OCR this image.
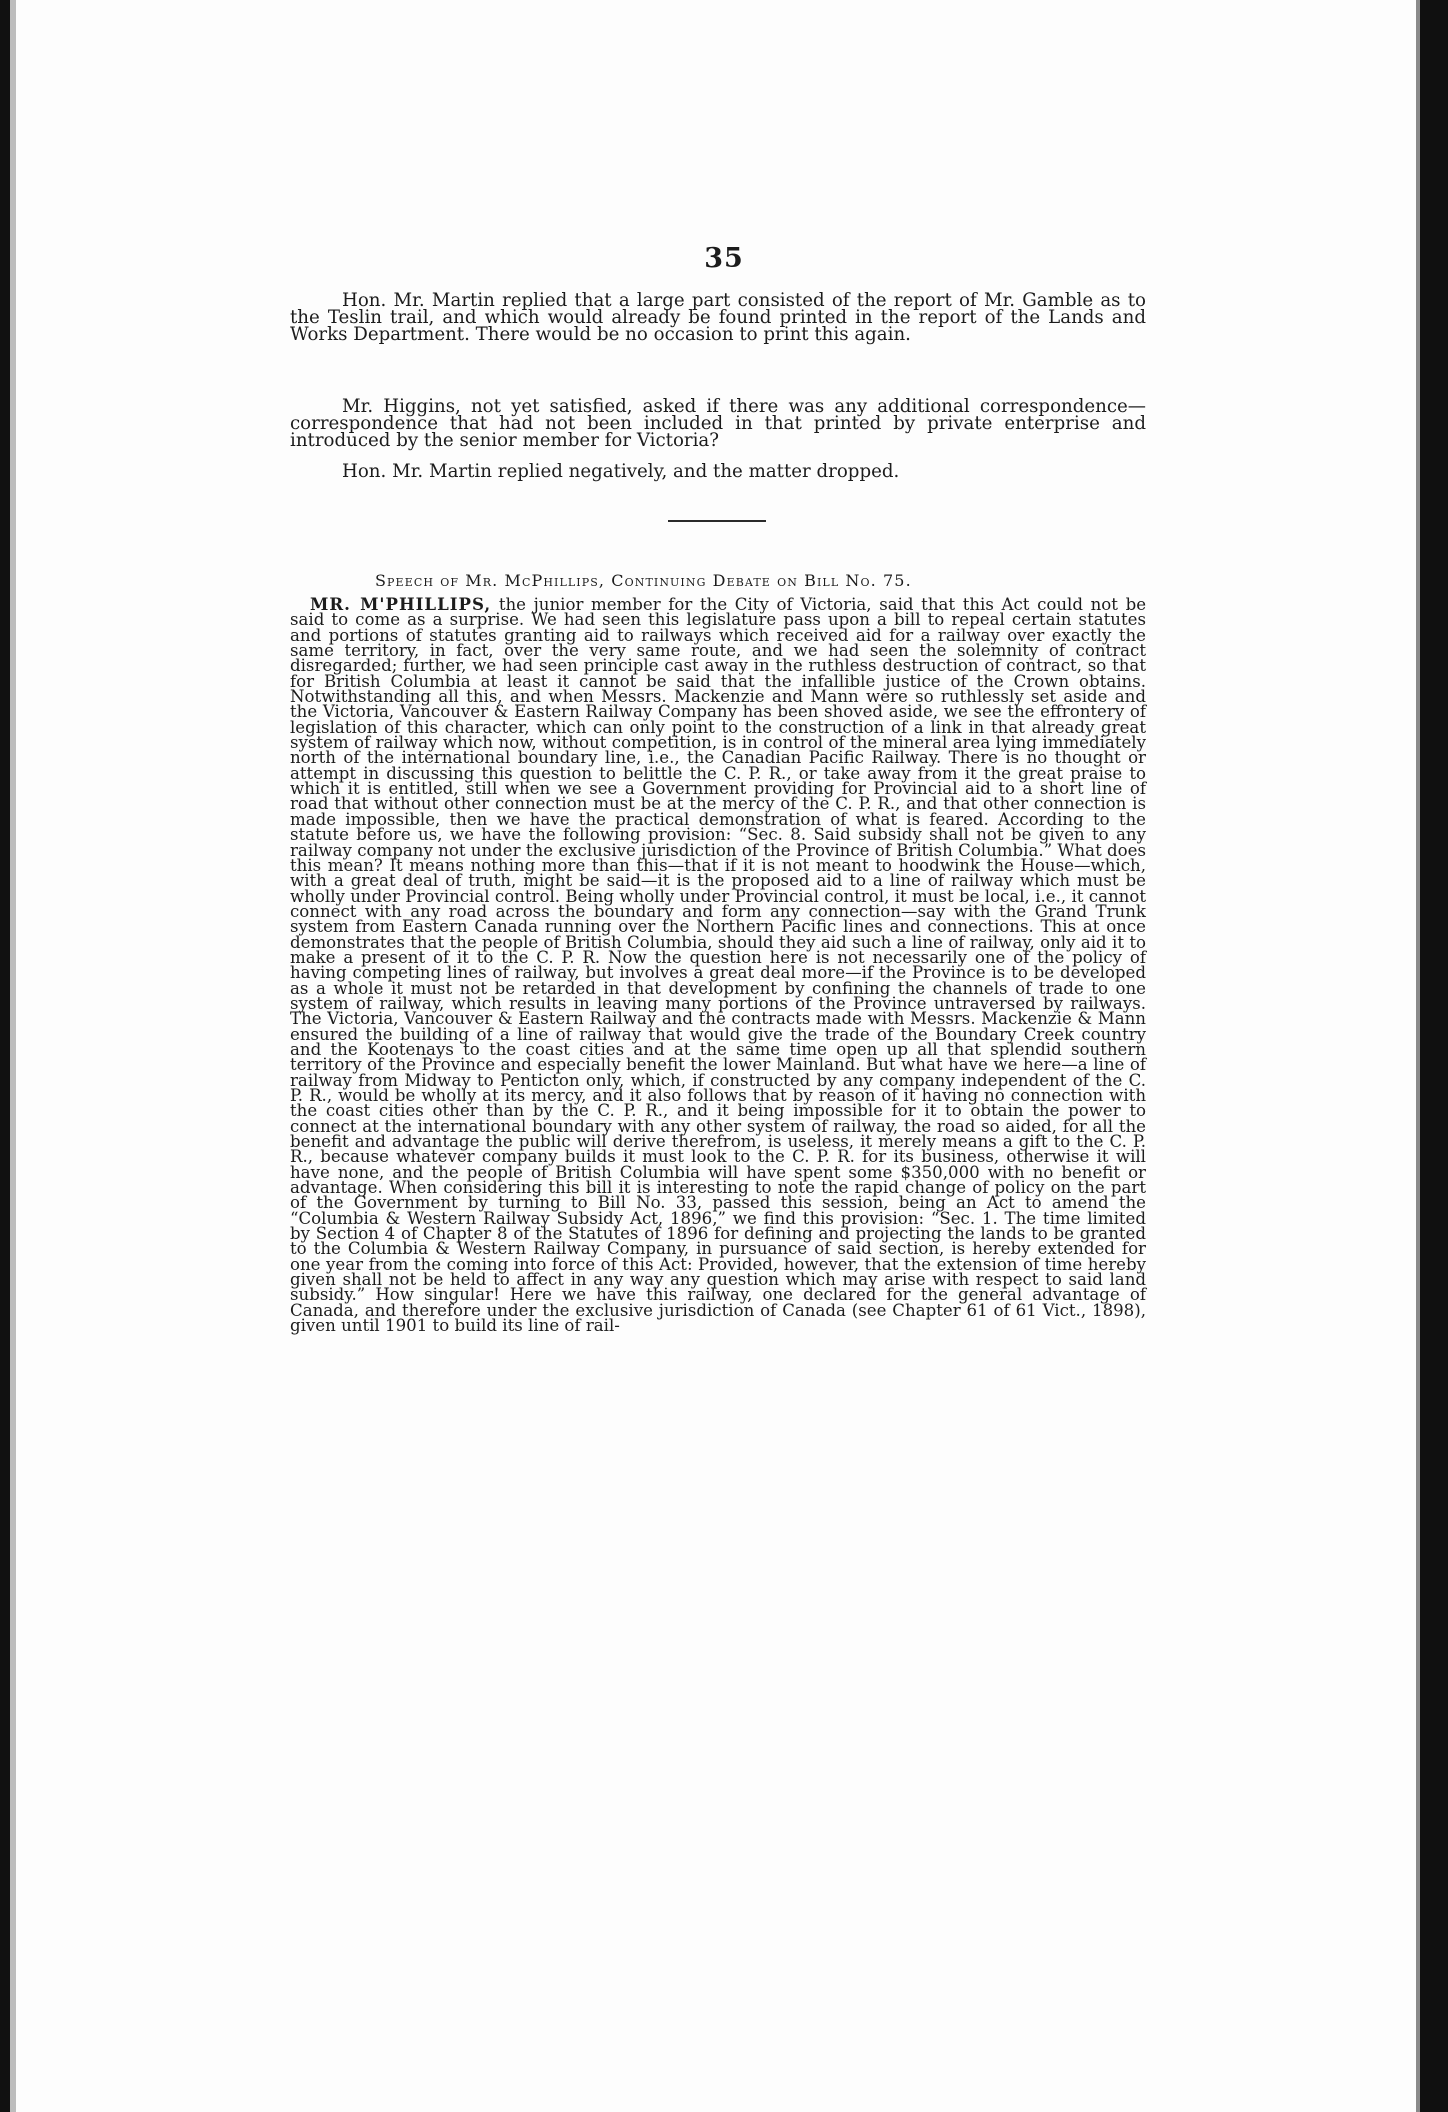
35

Hon. Mr. Martin replied that a large part consisted of the report of Mr. Gamble as to the Teslin trail, and which would already be found printed in the report of the Lands and Works Department. There would be no occasion to print this again.

Mr. Higgins, not yet satisfied, asked if there was any additional correspondence—correspondence that had not been included in that printed by private enterprise and introduced by the senior member for Victoria?

Hon. Mr. Martin replied negatively, and the matter dropped.

Speech of Mr. McPhillips, Continuing Debate on Bill No. 75.

MR. M'PHILLIPS, the junior member for the City of Victoria, said that this Act could not be said to come as a surprise. We had seen this legislature pass upon a bill to repeal certain statutes and portions of statutes granting aid to railways which received aid for a railway over exactly the same territory, in fact, over the very same route, and we had seen the solemnity of contract disregarded; further, we had seen principle cast away in the ruthless destruction of contract, so that for British Columbia at least it cannot be said that the infallible justice of the Crown obtains. Notwithstanding all this, and when Messrs. Mackenzie and Mann were so ruthlessly set aside and the Victoria, Vancouver & Eastern Railway Company has been shoved aside, we see the effrontery of legislation of this character, which can only point to the construction of a link in that already great system of railway which now, without competition, is in control of the mineral area lying immediately north of the international boundary line, i.e., the Canadian Pacific Railway. There is no thought or attempt in discussing this question to belittle the C. P. R., or take away from it the great praise to which it is entitled, still when we see a Government providing for Provincial aid to a short line of road that without other connection must be at the mercy of the C. P. R., and that other connection is made impossible, then we have the practical demonstration of what is feared. According to the statute before us, we have the following provision: “Sec. 8. Said subsidy shall not be given to any railway company not under the exclusive jurisdiction of the Province of British Columbia.” What does this mean? It means nothing more than this—that if it is not meant to hoodwink the House—which, with a great deal of truth, might be said—it is the proposed aid to a line of railway which must be wholly under Provincial control. Being wholly under Provincial control, it must be local, i.e., it cannot connect with any road across the boundary and form any connection—say with the Grand Trunk system from Eastern Canada running over the Northern Pacific lines and connections. This at once demonstrates that the people of British Columbia, should they aid such a line of railway, only aid it to make a present of it to the C. P. R. Now the question here is not necessarily one of the policy of having competing lines of railway, but involves a great deal more—if the Province is to be developed as a whole it must not be retarded in that development by confining the channels of trade to one system of railway, which results in leaving many portions of the Province untraversed by railways. The Victoria, Vancouver & Eastern Railway and the contracts made with Messrs. Mackenzie & Mann ensured the building of a line of railway that would give the trade of the Boundary Creek country and the Kootenays to the coast cities and at the same time open up all that splendid southern territory of the Province and especially benefit the lower Mainland. But what have we here—a line of railway from Midway to Penticton only, which, if constructed by any company independent of the C. P. R., would be wholly at its mercy, and it also follows that by reason of it having no connection with the coast cities other than by the C. P. R., and it being impossible for it to obtain the power to connect at the international boundary with any other system of railway, the road so aided, for all the benefit and advantage the public will derive therefrom, is useless, it merely means a gift to the C. P. R., because whatever company builds it must look to the C. P. R. for its business, otherwise it will have none, and the people of British Columbia will have spent some $350,000 with no benefit or advantage. When considering this bill it is interesting to note the rapid change of policy on the part of the Government by turning to Bill No. 33, passed this session, being an Act to amend the “Columbia & Western Railway Subsidy Act, 1896,” we find this provision: “Sec. 1. The time limited by Section 4 of Chapter 8 of the Statutes of 1896 for defining and projecting the lands to be granted to the Columbia & Western Railway Company, in pursuance of said section, is hereby extended for one year from the coming into force of this Act: Provided, however, that the extension of time hereby given shall not be held to affect in any way any question which may arise with respect to said land subsidy.” How singular! Here we have this railway, one declared for the general advantage of Canada, and therefore under the exclusive jurisdiction of Canada (see Chapter 61 of 61 Vict., 1898), given until 1901 to build its line of rail-
